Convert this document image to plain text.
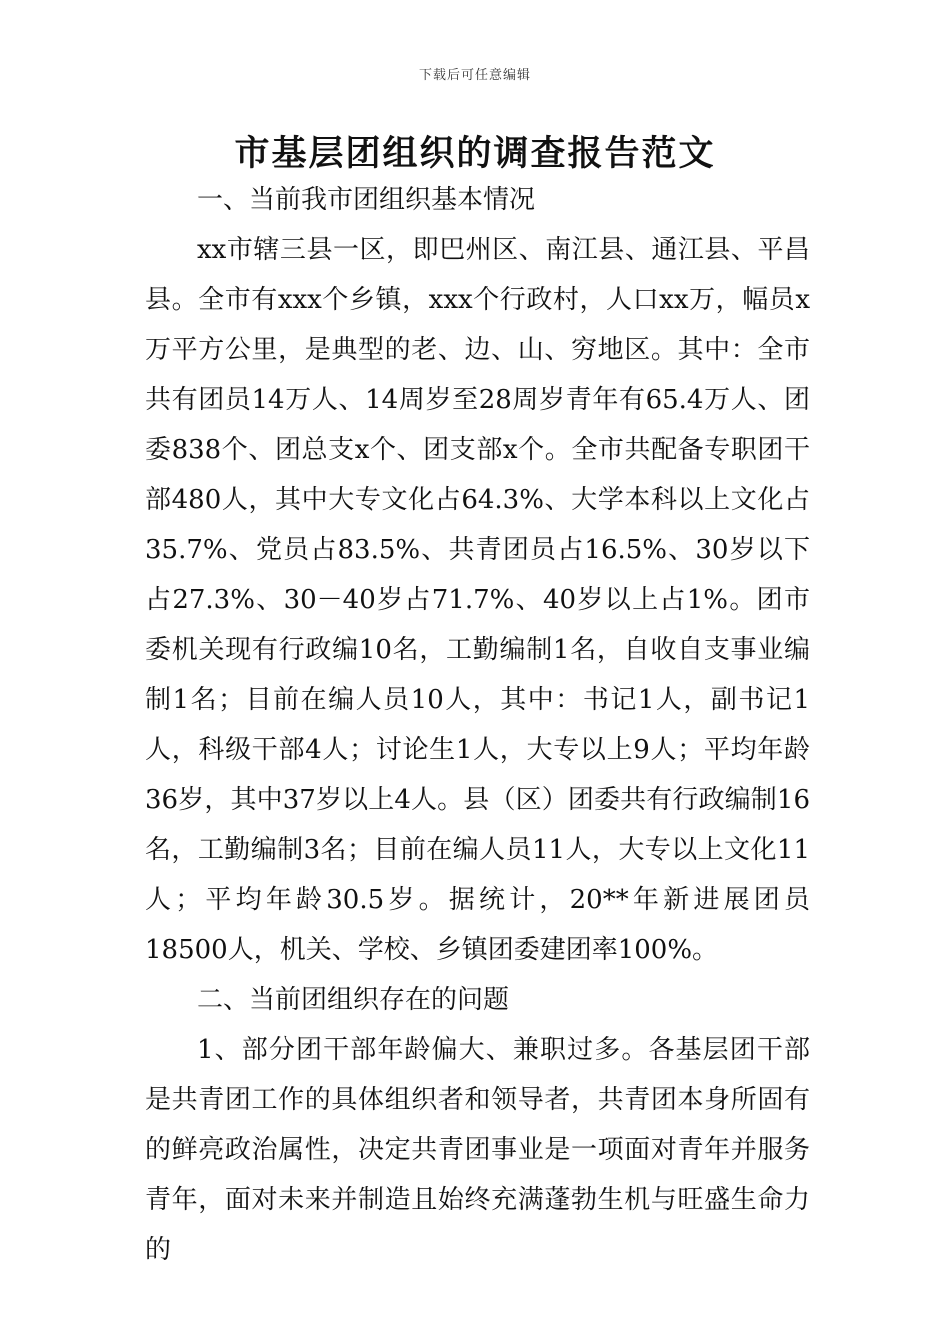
下载后可任意编辑
市基层团组织的调查报告范文

一、当前我市团组织基本情况

xx市辖三县一区，即巴州区、南江县、通江县、平昌县。全市有xxx个乡镇，xxx个行政村，人口xx万，幅员x万平方公里，是典型的老、边、山、穷地区。其中：全市共有团员14万人、14周岁至28周岁青年有65.4万人、团委838个、团总支x个、团支部x个。全市共配备专职团干部480人，其中大专文化占64.3%、大学本科以上文化占35.7%、党员占83.5%、共青团员占16.5%、30岁以下占27.3%、30－40岁占71.7%、40岁以上占1%。团市委机关现有行政编10名，工勤编制1名，自收自支事业编制1名；目前在编人员10人，其中：书记1人，副书记1人，科级干部4人；讨论生1人，大专以上9人；平均年龄36岁，其中37岁以上4人。县（区）团委共有行政编制16名，工勤编制3名；目前在编人员11人，大专以上文化11人；平均年龄30.5岁。据统计，20**年新进展团员18500人，机关、学校、乡镇团委建团率100%。

二、当前团组织存在的问题

1、部分团干部年龄偏大、兼职过多。各基层团干部是共青团工作的具体组织者和领导者，共青团本身所固有的鲜亮政治属性，决定共青团事业是一项面对青年并服务青年，面对未来并制造且始终充满蓬勃生机与旺盛生命力的
